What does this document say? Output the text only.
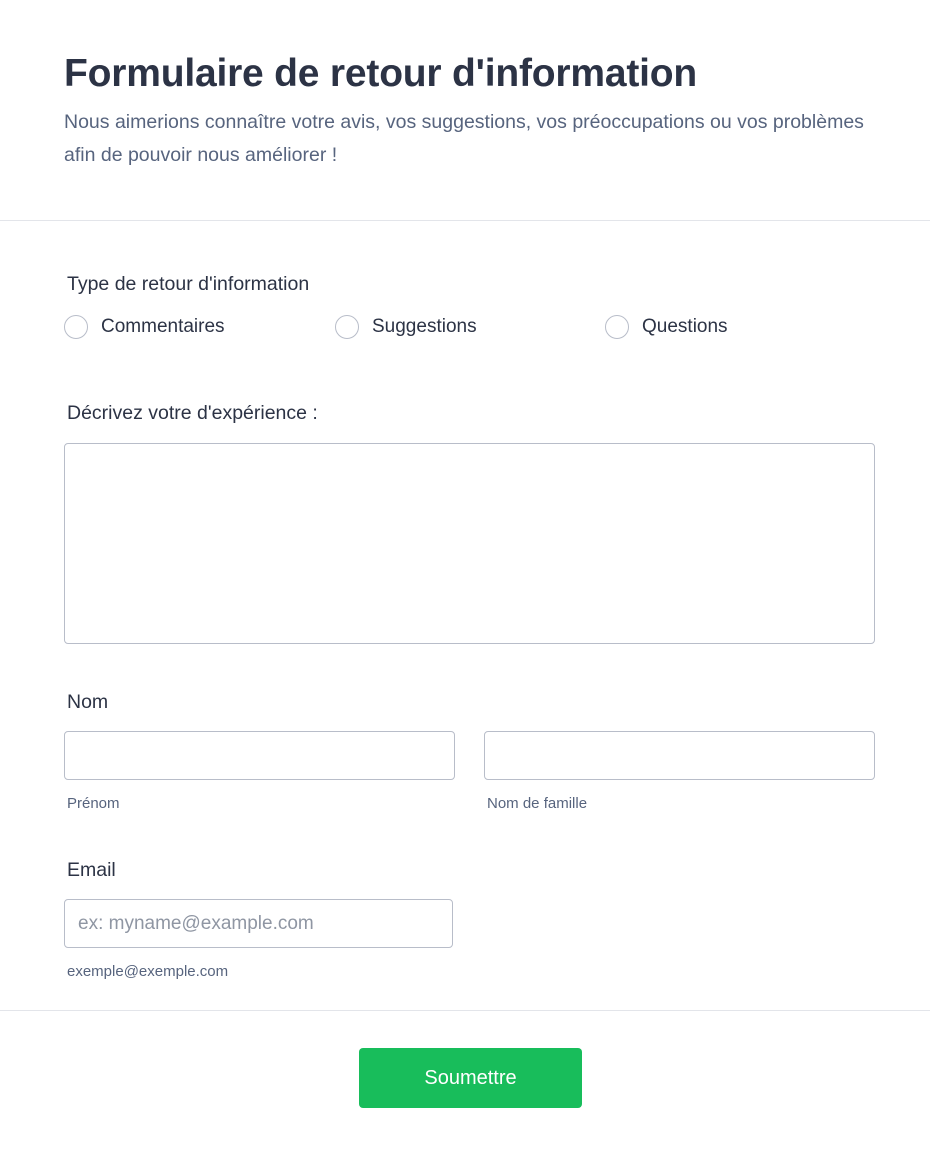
Formulaire de retour d'information

Nous aimerions connaître votre avis, vos suggestions, vos préoccupations ou vos problèmes afin de pouvoir nous améliorer !

Type de retour d'information
Commentaires	Suggestions	Questions
Décrivez votre d'expérience :
Nom
Prénom	Nom de famille
Email
ex: myname@example.com
exemple@exemple.com
Soumettre
